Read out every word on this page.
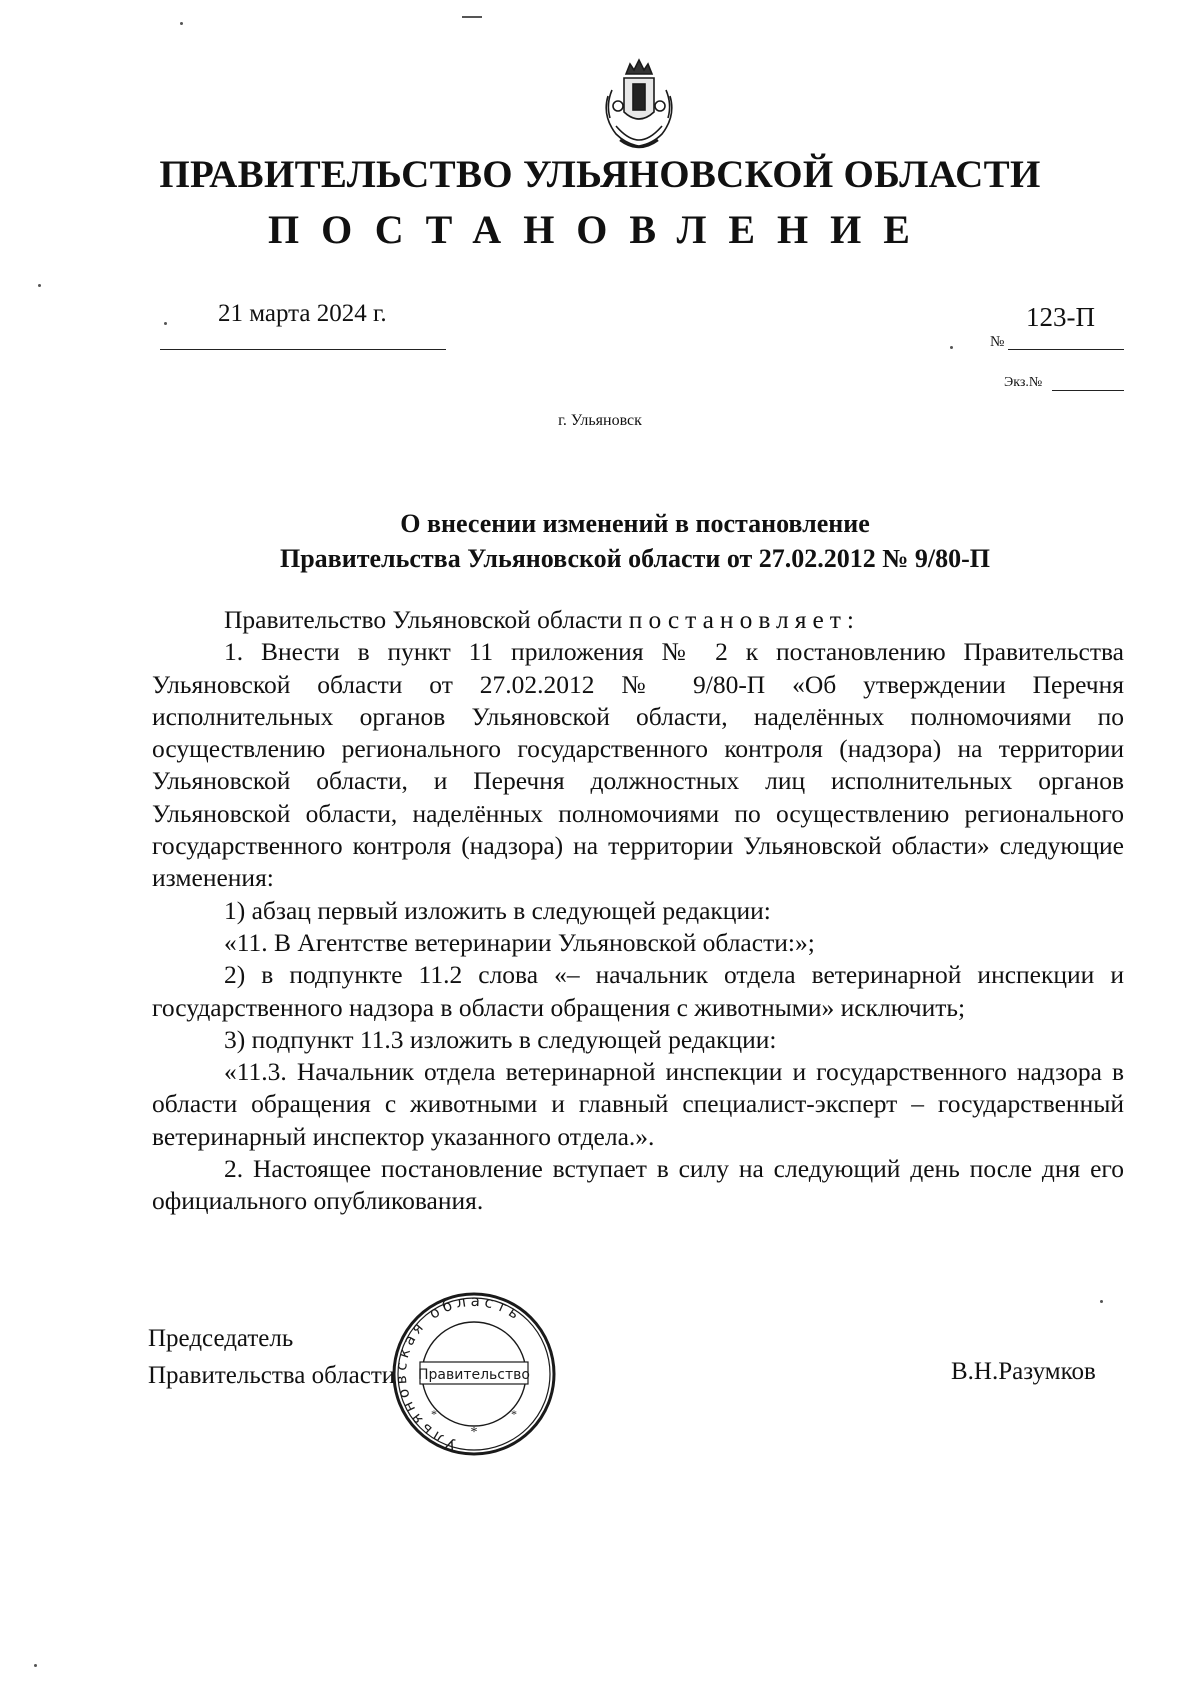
ПРАВИТЕЛЬСТВО УЛЬЯНОВСКОЙ ОБЛАСТИ
ПОСТАНОВЛЕНИЕ
21 марта 2024 г.
№
123-П
Экз.№
г. Ульяновск
О внесении изменений в постановление
Правительства Ульяновской области от 27.02.2012 № 9/80-П

Правительство Ульяновской области постановляет:

1. Внести в пункт 11 приложения № 2 к постановлению Правительства Ульяновской области от 27.02.2012 № 9/80-П «Об утверждении Перечня исполнительных органов Ульяновской области, наделённых полномочиями по осуществлению регионального государственного контроля (надзора) на территории Ульяновской области, и Перечня должностных лиц исполнительных органов Ульяновской области, наделённых полномочиями по осуществлению регионального государственного контроля (надзора) на территории Ульяновской области» следующие изменения:

1) абзац первый изложить в следующей редакции:

«11. В Агентстве ветеринарии Ульяновской области:»;

2) в подпункте 11.2 слова «– начальник отдела ветеринарной инспекции и государственного надзора в области обращения с животными» исключить;

3) подпункт 11.3 изложить в следующей редакции:

«11.3. Начальник отдела ветеринарной инспекции и государственного надзора в области обращения с животными и главный специалист-эксперт – государственный ветеринарный инспектор указанного отдела.».

2. Настоящее постановление вступает в силу на следующий день после дня его официального опубликования.

Председатель
Правительства области	В.Н.Разумков
Ульяновская область
Правительство
*
*	*
